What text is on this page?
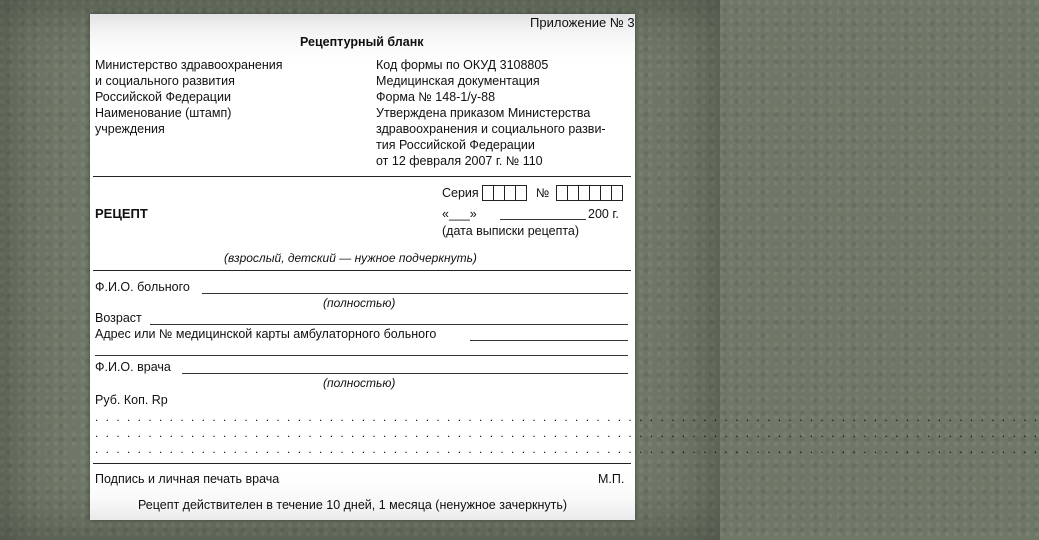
Приложение № 3
Рецептурный бланк
Министерство здравоохранения
и социального развития
Российской Федерации
Наименование (штамп)
учреждения
Код формы по ОКУД 3108805
Медицинская документация
Форма № 148-1/у-88
Утверждена приказом Министерства
здравоохранения и социального разви-
тия Российской Федерации
от 12 февраля 2007 г. № 110
Серия	№
РЕЦЕПТ	«___»	200 г.
(дата выписки рецепта)
(взрослый, детский — нужное подчеркнуть)
Ф.И.О. больного
(полностью)
Возраст
Адрес или № медицинской карты амбулаторного больного
Ф.И.О. врача
(полностью)
Руб. Коп. Rp
. . . . . . . . . . . . . . . . . . . . . . . . . . . . . . . . . . . . . . . . . . . . . . . . . . . . . . . . . . . . . . . . . . . . . . . . . . . . . . . . . . . . . . . . .
. . . . . . . . . . . . . . . . . . . . . . . . . . . . . . . . . . . . . . . . . . . . . . . . . . . . . . . . . . . . . . . . . . . . . . . . . . . . . . . . . . . . . . . . .
. . . . . . . . . . . . . . . . . . . . . . . . . . . . . . . . . . . . . . . . . . . . . . . . . . . . . . . . . . . . . . . . . . . . . . . . . . . . . . . . . . . . . . . . .
Подпись и личная печать врача	М.П.
Рецепт действителен в течение 10 дней, 1 месяца (ненужное зачеркнуть)
